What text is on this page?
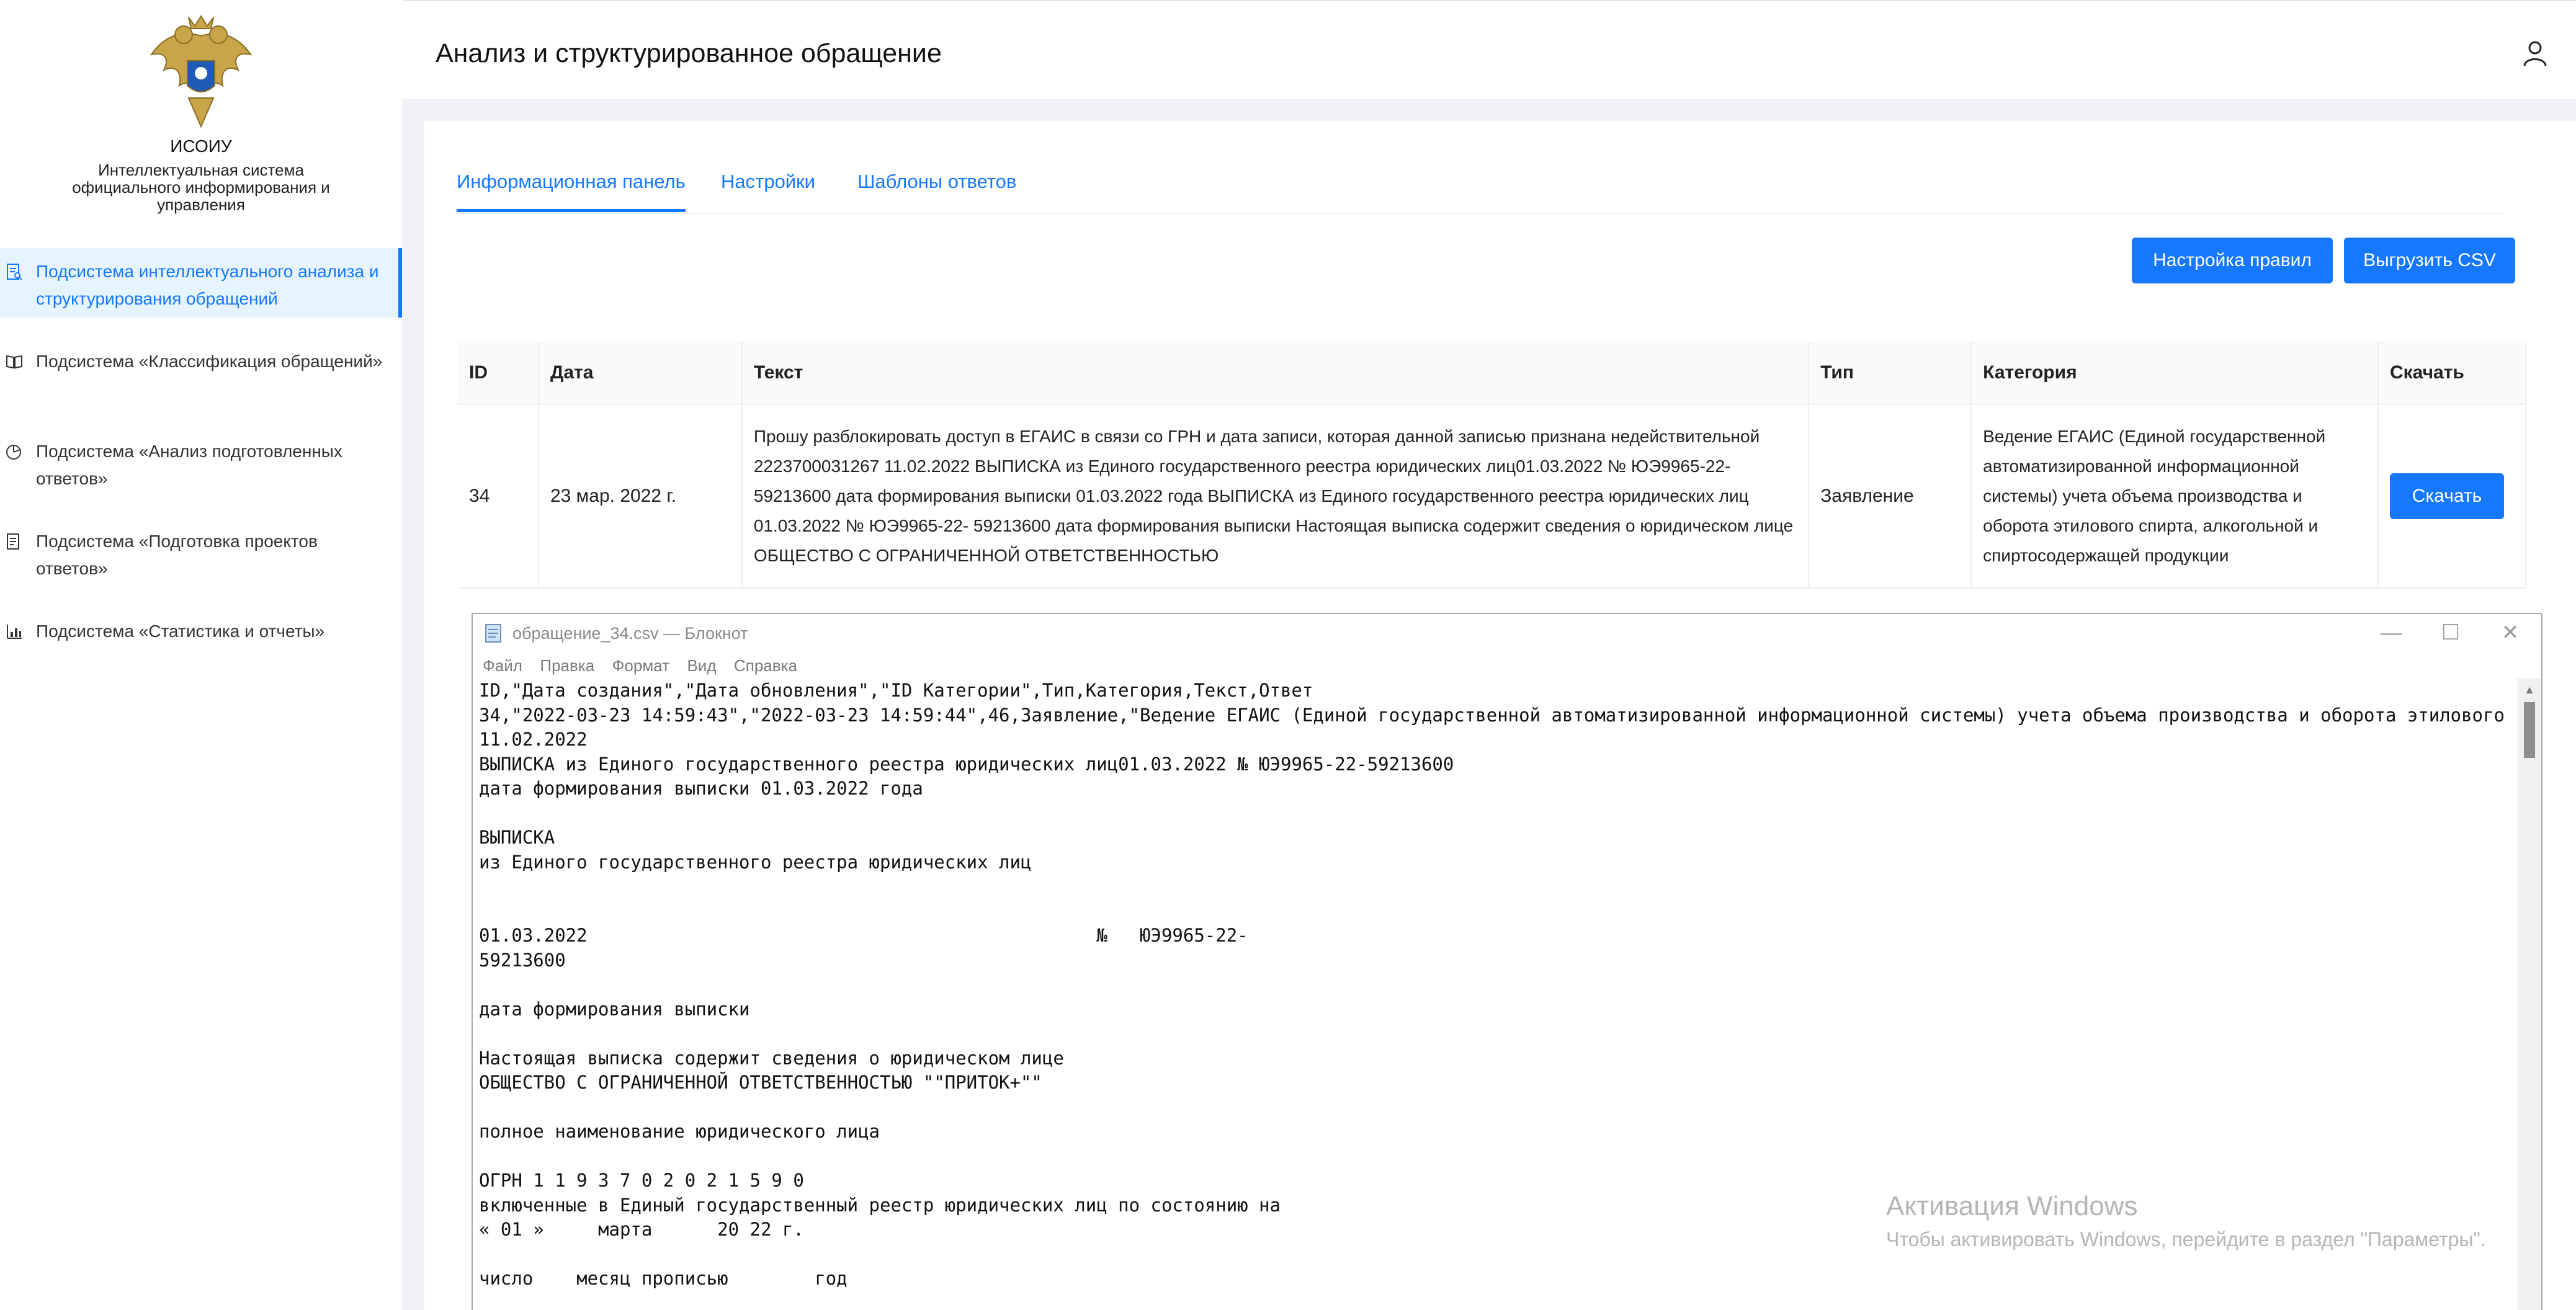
ИСОИУ
Интеллектуальная система официального информирования и управления
Подсистема интеллектуального анализа и структурирования обращений
Подсистема «Классификация обращений»
Подсистема «Анализ подготовленных ответов»
Подсистема «Подготовка проектов ответов»
Подсистема «Статистика и отчеты»
Анализ и структурированное обращение
Информационная панель Настройки Шаблоны ответов
Настройка правил	Выгрузить CSV
ID	Дата	Текст	Тип	Категория	Скачать
34	23 мар. 2022 г.	Прошу разблокировать доступ в ЕГАИС в связи со ГРН и дата записи, которая данной записью признана недействительной 2223700031267 11.02.2022 ВЫПИСКА из Единого государственного реестра юридических лиц01.03.2022 № ЮЭ9965-22-59213600 дата формирования выписки 01.03.2022 года ВЫПИСКА из Единого государственного реестра юридических лиц 01.03.2022 № ЮЭ9965-22- 59213600 дата формирования выписки Настоящая выписка содержит сведения о юридическом лице ОБЩЕСТВО С ОГРАНИЧЕННОЙ ОТВЕТСТВЕННОСТЬЮ	Заявление	Ведение ЕГАИС (Единой государственной автоматизированной информационной системы) учета объема производства и оборота этилового спирта, алкогольной и спиртосодержащей продукции	Скачать
обращение_34.csv — Блокнот	—	☐	✕
Файл Правка Формат Вид Справка
ID,"Дата создания","Дата обновления","ID Категории",Тип,Категория,Текст,Ответ
34,"2022-03-23 14:59:43","2022-03-23 14:59:44",46,Заявление,"Ведение ЕГАИС (Единой государственной автоматизированной информационной системы) учета объема производства и оборота этилового
11.02.2022
ВЫПИСКА из Единого государственного реестра юридических лиц01.03.2022 № ЮЭ9965-22-59213600
дата формирования выписки 01.03.2022 года

ВЫПИСКА
из Единого государственного реестра юридических лиц

01.03.2022                                               №   ЮЭ9965-22-
59213600

дата формирования выписки

Настоящая выписка содержит сведения о юридическом лице
ОБЩЕСТВО С ОГРАНИЧЕННОЙ ОТВЕТСТВЕННОСТЬЮ ""ПРИТОК+""

полное наименование юридического лица

ОГРН 1 1 9 3 7 0 2 0 2 1 5 9 0
включенные в Единый государственный реестр юридических лиц по состоянию на
« 01 »     марта      20 22 г.

число    месяц прописью        год
▲
Активация Windows
Чтобы активировать Windows, перейдите в раздел "Параметры".
